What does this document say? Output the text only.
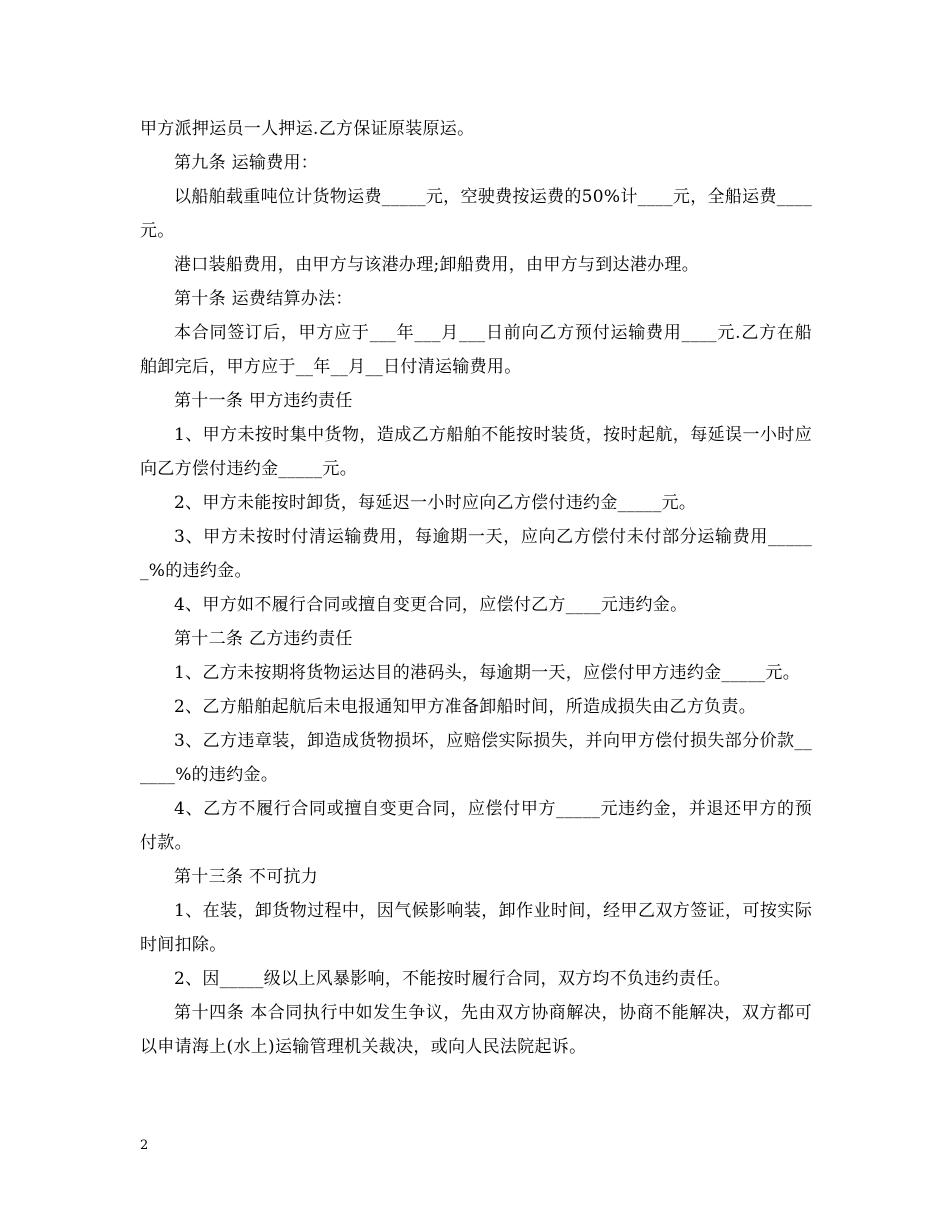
甲方派押运员一人押运.乙方保证原装原运。

第九条 运输费用：

以船舶载重吨位计货物运费_____元，空驶费按运费的50%计____元，全船运费____元。

港口装船费用，由甲方与该港办理;卸船费用，由甲方与到达港办理。

第十条 运费结算办法：

本合同签订后，甲方应于___年___月___日前向乙方预付运输费用____元.乙方在船舶卸完后，甲方应于__年__月__日付清运输费用。

第十一条 甲方违约责任

1、甲方未按时集中货物，造成乙方船舶不能按时装货，按时起航，每延误一小时应向乙方偿付违约金_____元。

2、甲方未能按时卸货，每延迟一小时应向乙方偿付违约金_____元。

3、甲方未按时付清运输费用，每逾期一天，应向乙方偿付未付部分运输费用______%的违约金。

4、甲方如不履行合同或擅自变更合同，应偿付乙方____元违约金。

第十二条 乙方违约责任

1、乙方未按期将货物运达目的港码头，每逾期一天，应偿付甲方违约金_____元。

2、乙方船舶起航后未电报通知甲方准备卸船时间，所造成损失由乙方负责。

3、乙方违章装，卸造成货物损坏，应赔偿实际损失，并向甲方偿付损失部分价款______%的违约金。

4、乙方不履行合同或擅自变更合同，应偿付甲方_____元违约金，并退还甲方的预付款。

第十三条 不可抗力

1、在装，卸货物过程中，因气候影响装，卸作业时间，经甲乙双方签证，可按实际时间扣除。

2、因_____级以上风暴影响，不能按时履行合同，双方均不负违约责任。

第十四条 本合同执行中如发生争议，先由双方协商解决，协商不能解决，双方都可以申请海上(水上)运输管理机关裁决，或向人民法院起诉。

2
